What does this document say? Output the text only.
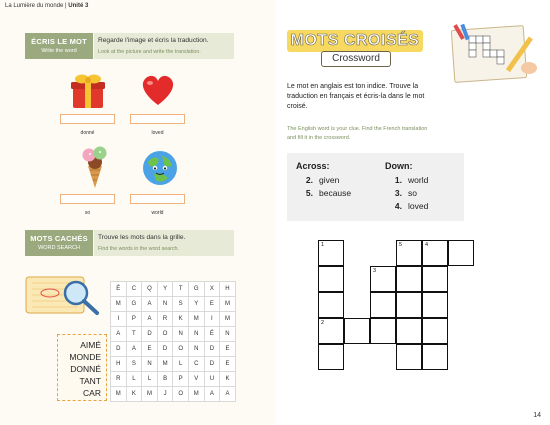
La Lumière du monde | Unité 3
ÉCRIS LE MOT
Write the word
Regarde l'image et écris la traduction.
Look at the picture and write the translation.
donné	loved
so	world
MOTS CACHÉS
WORD SEARCH
Trouve les mots dans la grille.
Find the words in the word search.
É	C	Q	Y	T	G	X	H
M	G	A	N	S	Y	E	M
I	P	A	R	K	M	I	M
A	T	D	O	N	N	É	N
D	A	E	D	O	N	D	E
H	S	N	M	L	C	D	E
R	L	L	B	P	V	U	K
M	K	M	J	O	M	A	A
AIMÉ
MONDE
DONNÉ
TANT
CAR
MOTS CROISÉS
Crossword
Le mot en anglais est ton indice. Trouve la traduction en français et écris-la dans le mot croisé.
The English word is your clue. Find the French translation and fill it in the crossword.
Across:
2. given
5. because
Down:
1. world
3. so
4. loved
1
2
3
5	4
14
